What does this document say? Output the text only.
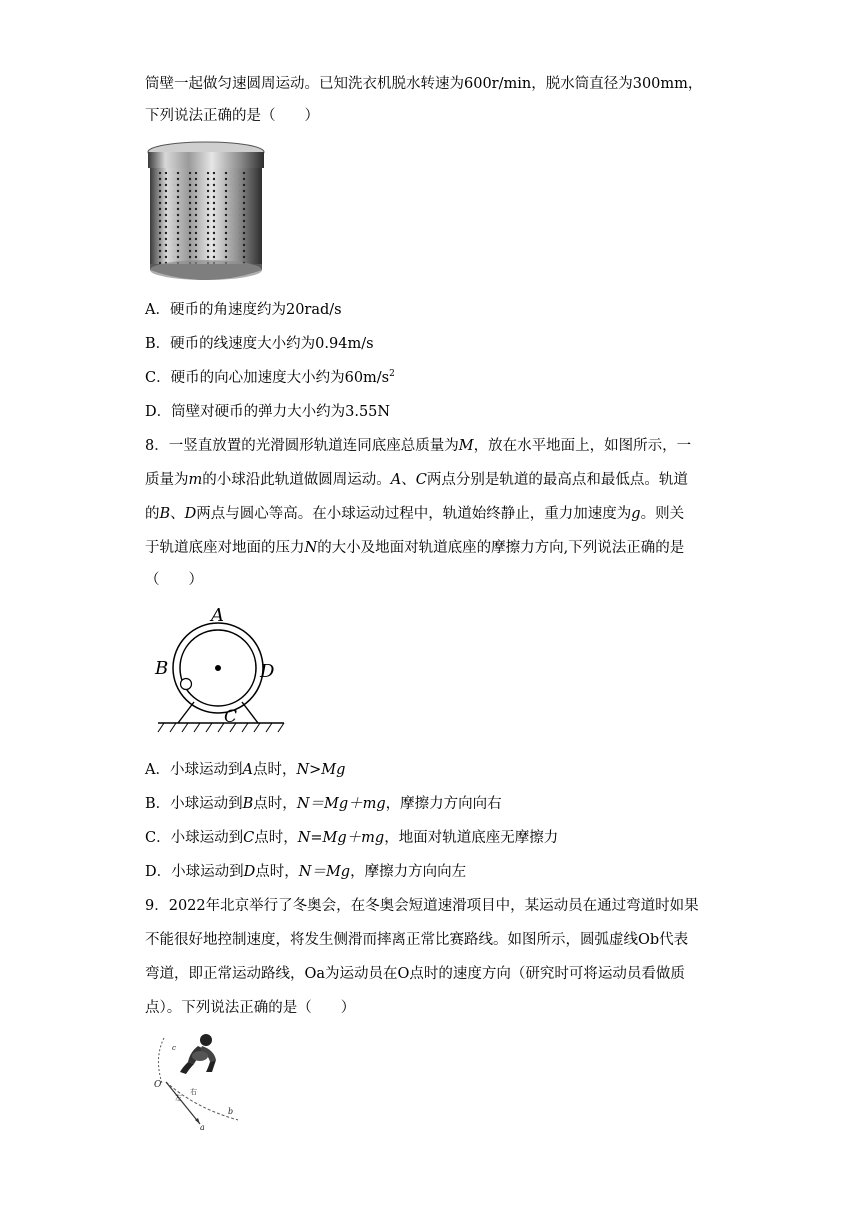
筒壁一起做匀速圆周运动。已知洗衣机脱水转速为600r/min，脱水筒直径为300mm，
下列说法正确的是（　　）
A．硬币的角速度约为20rad/s
B．硬币的线速度大小约为0.94m/s
C．硬币的向心加速度大小约为$60m/s^2$
D．筒壁对硬币的弹力大小约为3.55N
8．一竖直放置的光滑圆形轨道连同底座总质量为M，放在水平地面上，如图所示，一
质量为m的小球沿此轨道做圆周运动。A、C两点分别是轨道的最高点和最低点。轨道
的B、D两点与圆心等高。在小球运动过程中，轨道始终静止，重力加速度为g。则关
于轨道底座对地面的压力N的大小及地面对轨道底座的摩擦力方向,下列说法正确的是
（　　）
A
B	D
C
A．小球运动到A点时，N>Mg
B．小球运动到B点时，N＝Mg＋mg，摩擦力方向向右
C．小球运动到C点时，N=Mg＋mg，地面对轨道底座无摩擦力
D．小球运动到D点时，N＝Mg，摩擦力方向向左
9．2022年北京举行了冬奥会，在冬奥会短道速滑项目中，某运动员在通过弯道时如果
不能很好地控制速度，将发生侧滑而摔离正常比赛路线。如图所示，圆弧虚线Ob代表
弯道，即正常运动路线，Oa为运动员在O点时的速度方向（研究时可将运动员看做质
点）。下列说法正确的是（　　）
O
c
左
右
a
b
